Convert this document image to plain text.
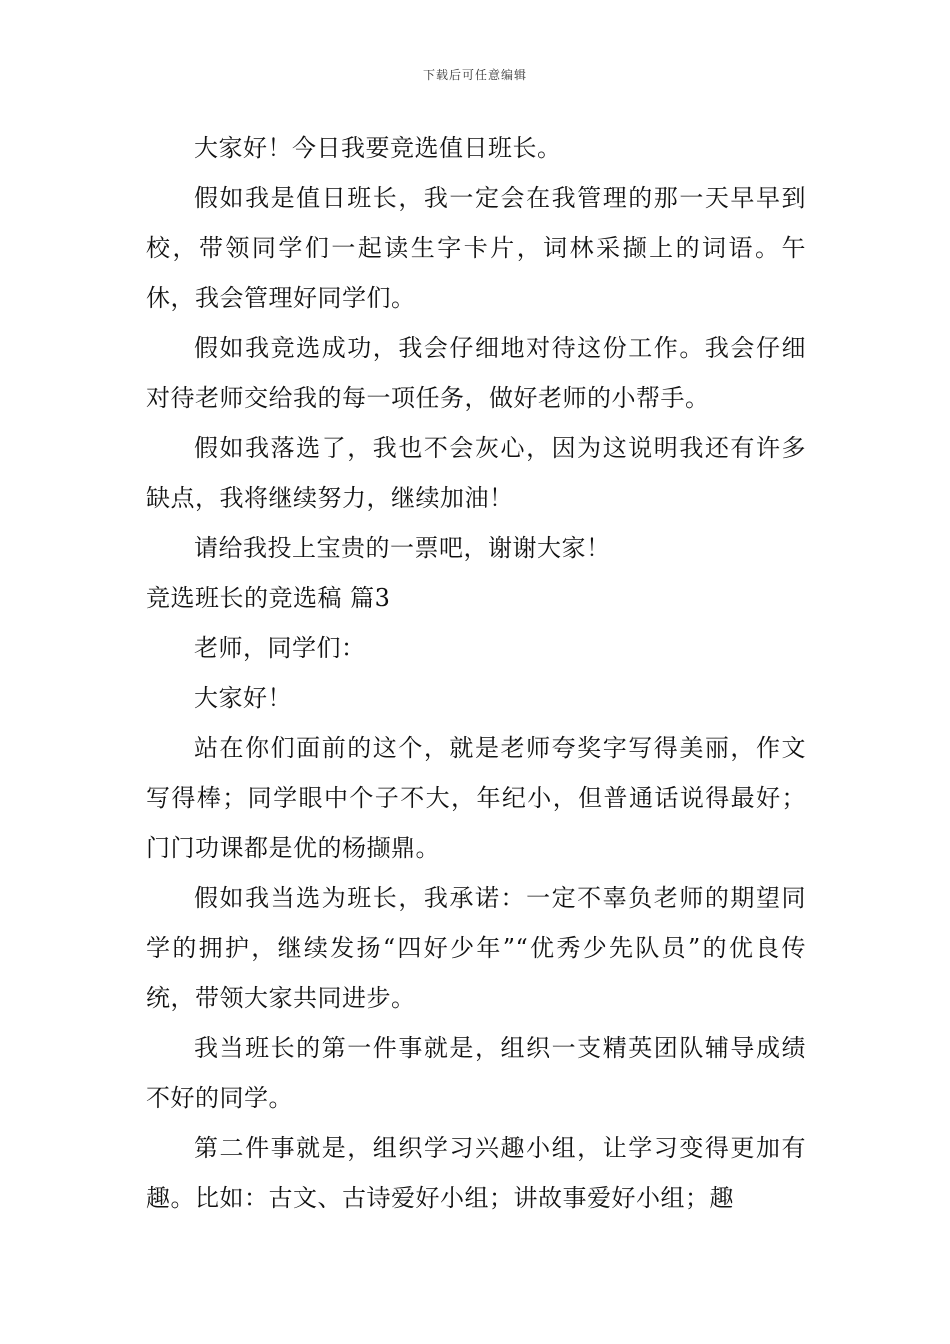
下载后可任意编辑

大家好！今日我要竞选值日班长。

假如我是值日班长，我一定会在我管理的那一天早早到校，带领同学们一起读生字卡片，词林采撷上的词语。午休，我会管理好同学们。

假如我竞选成功，我会仔细地对待这份工作。我会仔细对待老师交给我的每一项任务，做好老师的小帮手。

假如我落选了，我也不会灰心，因为这说明我还有许多缺点，我将继续努力，继续加油！

请给我投上宝贵的一票吧，谢谢大家！

竞选班长的竞选稿 篇3

老师，同学们：

大家好！

站在你们面前的这个，就是老师夸奖字写得美丽，作文写得棒；同学眼中个子不大，年纪小，但普通话说得最好；门门功课都是优的杨撷鼎。

假如我当选为班长，我承诺：一定不辜负老师的期望同学的拥护，继续发扬“四好少年”“优秀少先队员”的优良传统，带领大家共同进步。

我当班长的第一件事就是，组织一支精英团队辅导成绩不好的同学。

第二件事就是，组织学习兴趣小组，让学习变得更加有趣。比如：古文、古诗爱好小组；讲故事爱好小组；趣
